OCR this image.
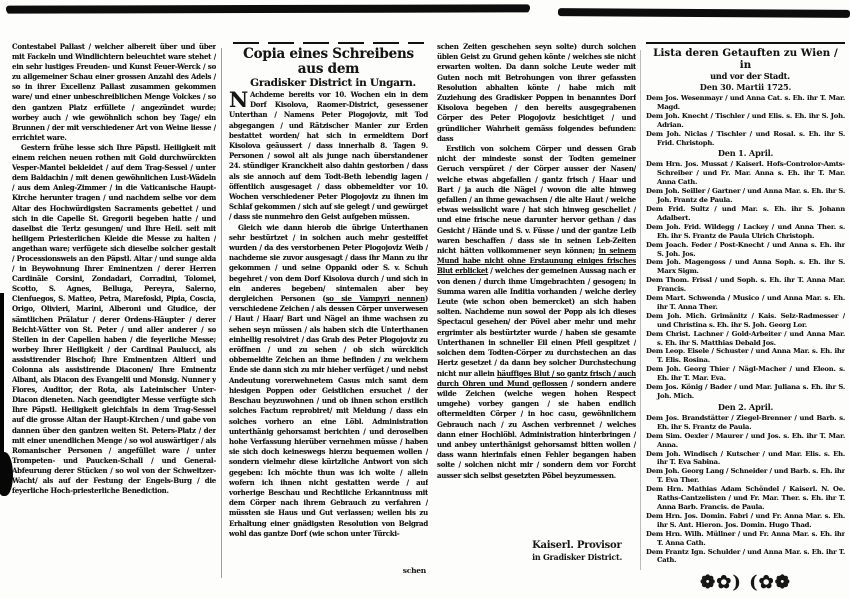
Contestabel Pallast / welcher albereit über und über mit Fackeln und Windlichtern beleuchtet ware stehet / ein sehr lustiges Freuden- und Kunst Feuer-Werck / so zu allgemeiner Schau einer grossen Anzahl des Adels / so in ihrer Excellenz Pallast zusammen gekommen ware/ und einer unbeschreiblichen Menge Volckes / so den gantzen Platz erfüllete / angezündet wurde; worbey auch / wie gewöhnlich schon bey Tage/ ein Brunnen / der mit verschiedener Art von Weine liesse / errichtet ware.

Gestern frühe lesse sich Ihre Päpstl. Heiligkeit mit einem reichen neuen rothen mit Gold durchwürckten Vesper-Mantel bekleidet / auf dem Trag-Sessel / unter dem Baldachin / mit denen gewöhnlichen Lust-Wädeln / aus dem Anleg-Zimmer / in die Vaticanische Haupt-Kirche herunter tragen / und nachdem selbe vor dem Altar des Hochwürdigsten Sacraments gebettet / und sich in die Capelle St. Gregorii begeben hatte / und daselbst die Tertz gesungen/ und Ihre Heil. seit mit heiligem Priesterlichen Kleide die Messe zu halten / angethan ware; verfügete sich dieselbe solcher gestalt / Processionsweis an den Päpstl. Altar / und sunge alda / in Beywohnung Ihrer Eminentzen / derer Herren Cardinäle Corsini, Zondadari, Corradini, Tolomei, Scotto, S. Agnes, Belluga, Pereyra, Salerno, Cienfuegos, S. Matteo, Petra, Marefoski, Pipia, Coscia, Origo, Olivieri, Marini, Alberoni und Giudice, der sämtlichen Prälatur / derer Ordens-Häupter / derer Beicht-Vätter von St. Peter / und aller anderer / so Stellen in der Capellen haben / die feyerliche Messe; worbey Ihrer Heiligkeit / der Cardinal Paulucci, als assistirender Bischof; Ihre Eminentzen Altieri und Colonna als assistirende Diaconen/ Ihre Eminentz Albani, als Diacon des Evangelii und Monsig. Nunner y Flores, Auditor, der Rota, als Lateinischer Unter-Diacon dieneten. Nach geendigter Messe verfügte sich Ihre Päpstl. Heiligkeit gleichfals in dem Trag-Sessel auf die grosse Altan der Haupt-Kirchen / und gabe von dannen über den gantzen weiten St. Peters-Platz / der mit einer unendlichen Menge / so wol auswärtiger / als Romanischer Personen / angefüllet ware / unter Trompeten- und Paucken-Schall / und General-Abfeurung derer Stücken / so wol von der Schweitzer-Wacht/ als auf der Festung der Engels-Burg / die feyerliche Hoch-priesterliche Benediction.

Copia eines Schreibens aus dem

Gradisker District in Ungarn.

N Achdeme bereits vor 10. Wochen ein in dem Dorf Kisolova, Raomer-District, gesessener Unterthan / Namens Peter Plogojoviz, mit Tod abgegangen / und Rätzischer Manier zur Erden bestattet worden/ hat sich in ermeldtem Dorf Kisolova geäussert / dass innerhalb 8. Tagen 9. Personen / sowol alt als junge nach überstandener 24. stündiger Kranckheit also dahin gestorben / dass als sie annoch auf dem Todt-Beth lebendig lagen / öffentlich ausgesaget / dass obbemeldter vor 10. Wochen verschiedener Peter Plogojoviz zu ihnen im Schlaf gekommen / sich auf sie gelegt / und gewürget / dass sie nunmehro den Geist aufgeben müssen.

Gleich wie dann hierob die übrige Unterthanen sehr bestürtzet / in solchen auch mehr gesteiffet wurden / da des verstorbenen Peter Plogojoviz Weib / nachdeme sie zuvor ausgesagt / dass ihr Mann zu ihr gekommen / und seine Oppanki oder S. v. Schuh begehret / von dem Dorf Kisolova durch / und sich in ein anderes begeben/ sintemalen aber bey dergleichen Personen (so sie Vampyri nennen) verschiedene Zeichen / als dessen Cörper unverwesen / Haut / Haar/ Bart und Nägel an ihme wachsen zu sehen seyn müssen / als haben sich die Unterthanen einhellig resolviret / das Grab des Peter Plogojoviz zu eröffnen / und zu sehen / ob sich würcklich obbemeldte Zeichen an ihme befinden / zu welchem Ende sie dann sich zu mir hieher verfüget / und nebst Andeutung vorerwehnetem Casus mich samt dem hiesigen Poppen oder Geistlichen ersuchet / der Beschau beyzuwohnen / und ob ihnen schon erstlich solches Factum reprobiret/ mit Meldung / dass ein solches vorhero an eine Löbl. Administration unterthänig gehorsamst berichten / und deroselben hohe Verfassung hierüber vernehmen müsse / haben sie sich doch keineswegs hierzu bequemen wollen / sondern vielmehr diese kürtzliche Antwort von sich gegeben: Ich möchte thun was ich wolte / allein wofern ich ihnen nicht gestatten werde / auf vorherige Beschau und Rechtliche Erkanntnuss mit dem Cörper nach ihrem Gebrauch zu verfahren / müssten sie Haus und Gut verlassen; weilen bis zu Erhaltung einer gnädigsten Resolution von Belgrad wohl das gantze Dorf (wie schon unter Türcki-

schen

schen Zeiten geschehen seyn solte) durch solchen üblen Geist zu Grund gehen könte / welches sie nicht erwarten wolten. Da dann solche Leute weder mit Guten noch mit Betrohungen von ihrer gefassten Resolution abhalten könte / habe mich mit Zuziehung des Gradisker Poppen in benanntes Dorf Kisolova begeben / den bereits ausgegrabenen Cörper des Peter Plogojoviz besichtiget / und gründlicher Wahrheit gemäss folgendes befunden: dass

Erstlich von solchem Cörper und dessen Grab nicht der mindeste sonst der Todten gemeiner Geruch verspüret / der Cörper ausser der Nasen/ welche etwas abgefallen / gantz frisch / Haar und Bart / ja auch die Nägel / wovon die alte hinweg gefallen / an ihme gewachsen / die alte Haut / welche etwas weisslicht ware / hat sich hinweg geschellet / und eine frische neue darunter hervor gethan / das Gesicht / Hände und S. v. Füsse / und der gantze Leib waren beschaffen / dass sie in seinen Leb-Zeiten nicht hätten vollkommener seyn können; in seinem Mund habe nicht ohne Erstaunung einiges frisches Blut erblicket / welches der gemeinen Aussag nach er von denen / durch ihme Umgebrachten / gesogen; in Summa waren alle Inditia vorhanden / welche derley Leute (wie schon oben bemercket) an sich haben solten. Nachdeme nun sowol der Popp als ich dieses Spectacul gesehen/ der Pövel aber mehr und mehr ergrimter als bestürtzter wurde / haben sie gesamte Unterthanen in schneller Eil einen Pfeil gespitzet / solchen dem Todten-Cörper zu durchstechen an das Hertz gesetzet / da dann bey solcher Durchstechung nicht nur allein häuffiges Blut / so gantz frisch / auch durch Ohren und Mund geflossen / sondern andere wilde Zeichen (welche wegen hohen Respect umgehe) vorbey gangen / sie haben endlich oftermeldten Cörper / in hoc casu, gewöhnlichem Gebrauch nach / zu Aschen verbrennet / welches dann einer Hochlöbl. Administration hinterbringen / und anbey unterthänigst gehorsamst bitten wollen / dass wann hierinfals einen Fehler begangen haben solte / solchen nicht mir / sondern dem vor Forcht ausser sich selbst gesetzten Pöbel beyzumessen.

Kaiserl. Provisor
in Gradisker District.

Lista deren Getauften zu Wien / in

und vor der Stadt.

Den 30. Martii 1725.
Dem Jos. Wesenmayr / und Anna Cat. s. Eh. ihr T. Mar. Magd.
Dem Joh. Knecht / Tischler / und Elis. s. Eh. ihr S. Joh. Adrian.
Dem Joh. Niclas / Tischler / und Rosal. s. Eh. ihr S. Frid. Christoph.
Den 1. April.
Dem Hrn. Jos. Mussat / Kaiserl. Hofs-Controlor-Amts-Schreiber / und Fr. Mar. Anna s. Eh. ihr T. Mar. Anna Cath.
Dem Joh. Seiller / Gartner / und Anna Mar. s. Eh. ihr S. Joh. Frantz de Paula.
Dem Frid. Sultz / und Mar. s. Eh. ihr S. Johann Adalbert.
Dem Joh. Frid. Wildegg / Lackey / und Anna Ther. s. Eh. ihr S. Frantz de Paula Ulrich Christoph.
Dem Joach. Feder / Post-Knecht / und Anna s. Eh. ihr S. Joh. Jos.
Dem Joh. Magengoss / und Anna Soph. s. Eh. ihr S. Marx Sigm.
Dem Thom. Frissl / und Soph. s. Eh. ihr T. Anna Mar. Francis.
Dem Mart. Schwenda / Musico / und Anna Mar. s. Eh. ihr T. Anna Ther.
Dem Joh. Mich. Grimänitz / Kais. Selz-Radmesser / und Christina s. Eh. ihr S. Joh. Georg Lor.
Dem Christ. Lachner / Gold-Arbeiter / und Anna Mar. s. Eh. ihr S. Matthias Debald Jos.
Dem Leop. Eisele / Schuster / und Anna Mar. s. Eh. ihr T. Elis. Rosina.
Dem Joh. Georg Thier / Nägl-Macher / und Eleon. s. Eh. ihr T. Mar. Eva.
Dem Jos. König / Bader / und Mar. Juliana s. Eh. ihr S. Joh. Mich.
Den 2. April.
Dem Jos. Brandstätter / Ziegel-Brenner / und Barb. s. Eh. ihr S. Frantz de Paula.
Dem Sim. Oexler / Maurer / und Jos. s. Eh. ihr T. Mar. Anna.
Dem Joh. Windisch / Kutscher / und Mar. Elis. s. Eh. ihr T. Eva Sabina.
Dem Joh. Georg Lang / Schneider / und Barb. s. Eh. ihr T. Eva Ther.
Dem Hrn. Mathias Adam Schöndel / Kaiserl. N. Oe. Raths-Cantzelisten / und Fr. Mar. Ther. s. Eh. ihr T. Anna Barb. Francis. de Paula.
Dem Hrn. Jos. Domin. Fabri / und Fr. Anna Mar. s. Eh. ihr S. Ant. Hieron. Jos. Domin. Hugo Thad.
Dem Hrn. Wilh. Müllner / und Fr. Anna Mar. s. Eh. ihr T. Anna Cath.
Dem Frantz Ign. Schulder / und Anna Mar. s. Eh. ihr T. Cath.
❁✿) (✿❁
